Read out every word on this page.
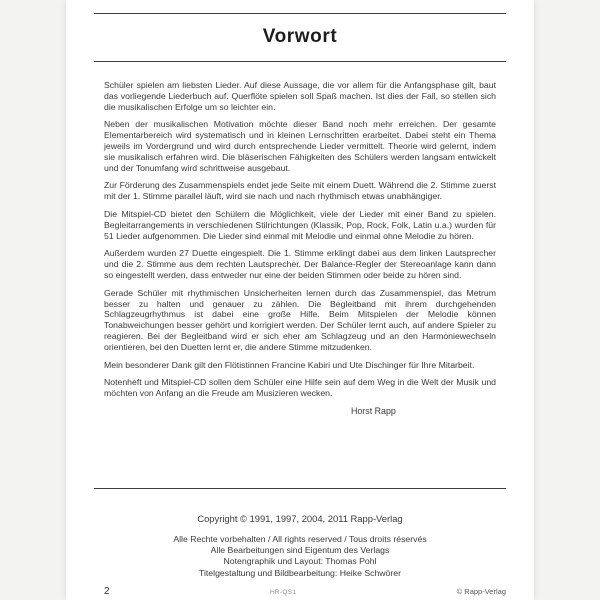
Vorwort

Schüler spielen am liebsten Lieder. Auf diese Aussage, die vor allem für die Anfangsphase gilt, baut das vorliegende Liederbuch auf. Querflöte spielen soll Spaß machen. Ist dies der Fall, so stellen sich die musikalischen Erfolge um so leichter ein.

Neben der musikalischen Motivation möchte dieser Band noch mehr erreichen. Der gesamte Elementarbereich wird systematisch und in kleinen Lernschritten erarbeitet. Dabei steht ein Thema jeweils im Vordergrund und wird durch entsprechende Lieder vermittelt. Theorie wird gelernt, indem sie musikalisch erfahren wird. Die bläserischen Fähigkeiten des Schülers werden langsam entwickelt und der Tonumfang wird schrittweise ausgebaut.

Zur Förderung des Zusammenspiels endet jede Seite mit einem Duett. Während die 2. Stimme zuerst mit der 1. Stimme parallel läuft, wird sie nach und nach rhythmisch etwas unabhängiger.

Die Mitspiel-CD bietet den Schülern die Möglichkeit, viele der Lieder mit einer Band zu spielen. Begleitarrangements in verschiedenen Stilrichtungen (Klassik, Pop, Rock, Folk, Latin u.a.) wurden für 51 Lieder aufgenommen. Die Lieder sind einmal mit Melodie und einmal ohne Melodie zu hören.

Außerdem wurden 27 Duette eingespielt. Die 1. Stimme erklingt dabei aus dem linken Lautsprecher und die 2. Stimme aus dem rechten Lautsprecher. Der Balance-Regler der Stereoanlage kann dann so eingestellt werden, dass entweder nur eine der beiden Stimmen oder beide zu hören sind.

Gerade Schüler mit rhythmischen Unsicherheiten lernen durch das Zusammenspiel, das Metrum besser zu halten und genauer zu zählen. Die Begleitband mit ihrem durchgehenden Schlagzeugrhythmus ist dabei eine große Hilfe. Beim Mitspielen der Melodie können Tonabweichungen besser gehört und korrigiert werden. Der Schüler lernt auch, auf andere Spieler zu reagieren. Bei der Begleitband wird er sich eher am Schlagzeug und an den Harmoniewechseln orientieren, bei den Duetten lernt er, die andere Stimme mitzudenken.

Mein besonderer Dank gilt den Flötistinnen Francine Kabiri und Ute Dischinger für Ihre Mitarbeit.

Notenheft und Mitspiel-CD sollen dem Schüler eine Hilfe sein auf dem Weg in die Welt der Musik und möchten von Anfang an die Freude am Musizieren wecken.

Horst Rapp

Copyright © 1991, 1997, 2004, 2011 Rapp-Verlag

Alle Rechte vorbehalten / All rights reserved / Tous droits réservés

Alle Bearbeitungen sind Eigentum des Verlags

Notengraphik und Layout: Thomas Pohl

Titelgestaltung und Bildbearbeitung: Heike Schwörer

2	HR-QS1	© Rapp-Verlag
